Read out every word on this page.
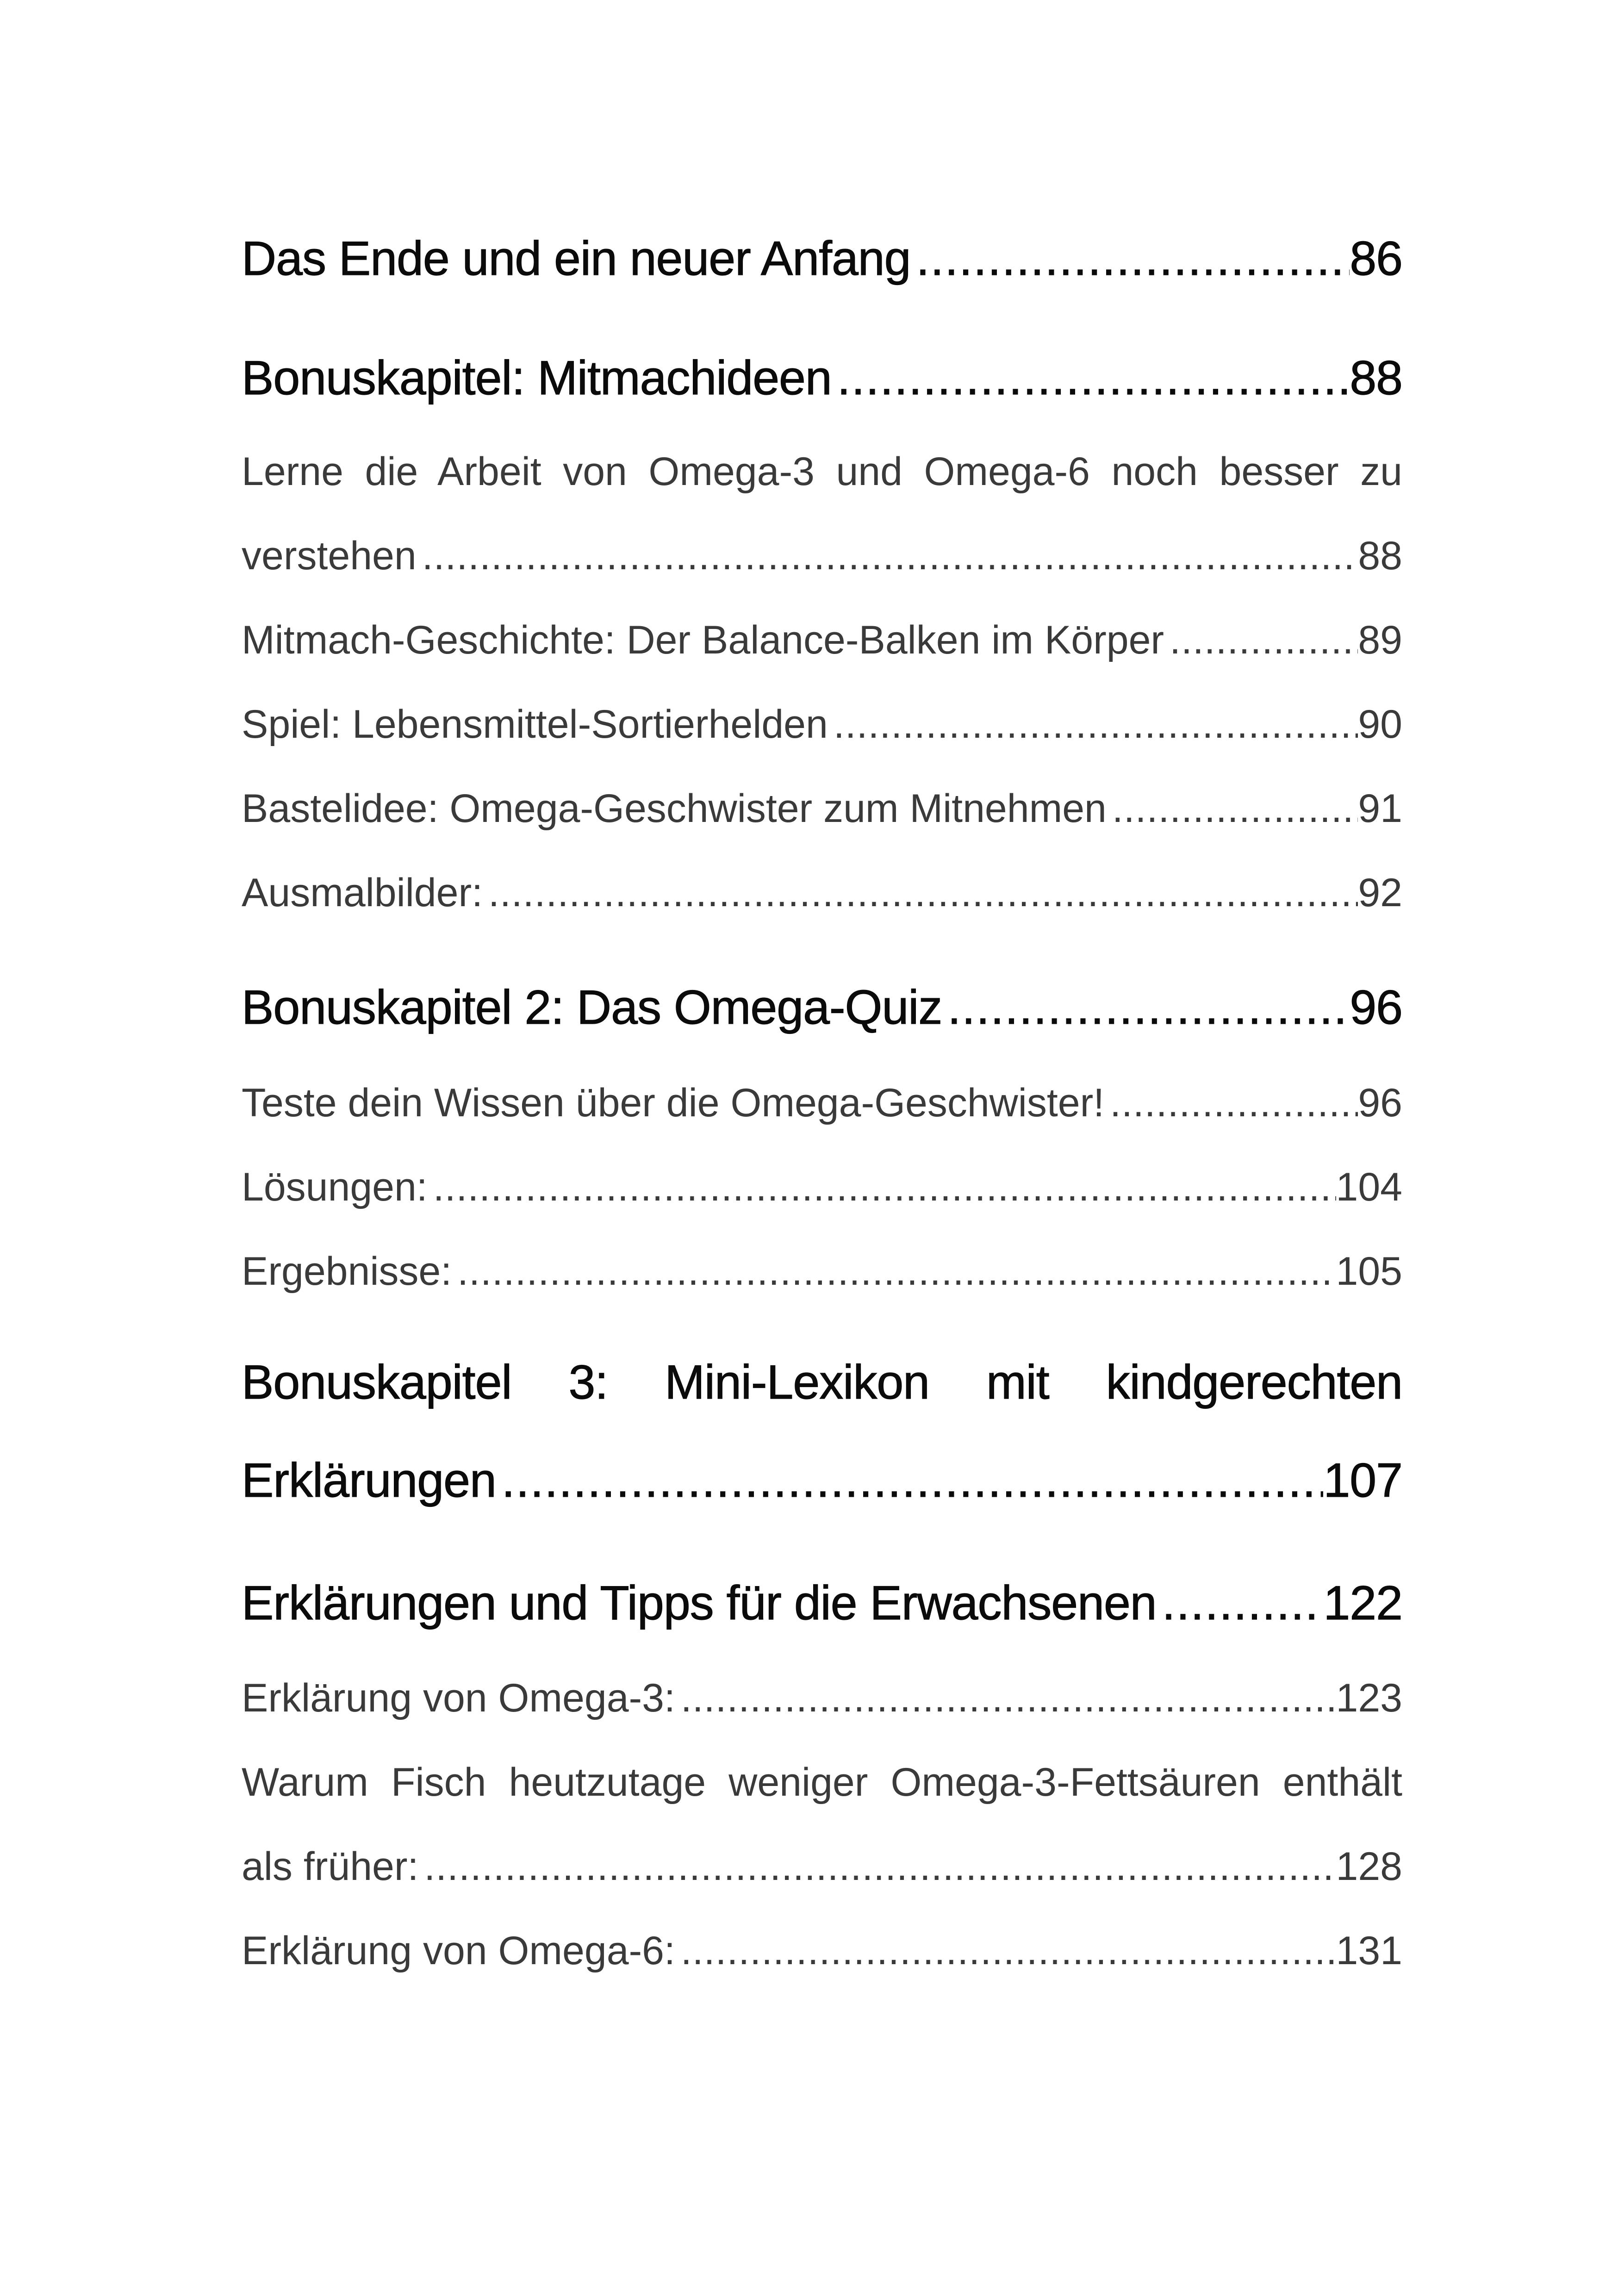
Das Ende und ein neuer Anfang .....	86
Bonuskapitel: Mitmachideen .....	88
Lerne die Arbeit von Omega-3 und Omega-6 noch besser zu
verstehen .....	88
Mitmach-Geschichte: Der Balance-Balken im Körper .....	89
Spiel: Lebensmittel-Sortierhelden .....	90
Bastelidee: Omega-Geschwister zum Mitnehmen .....	91
Ausmalbilder: .....	92
Bonuskapitel 2: Das Omega-Quiz .....	96
Teste dein Wissen über die Omega-Geschwister! .....	96
Lösungen: .....	104
Ergebnisse: .....	105
Bonuskapitel 3: Mini-Lexikon mit kindgerechten
Erklärungen .....	107
Erklärungen und Tipps für die Erwachsenen .....	122
Erklärung von Omega-3: .....	123
Warum Fisch heutzutage weniger Omega-3-Fettsäuren enthält
als früher: .....	128
Erklärung von Omega-6: .....	131
